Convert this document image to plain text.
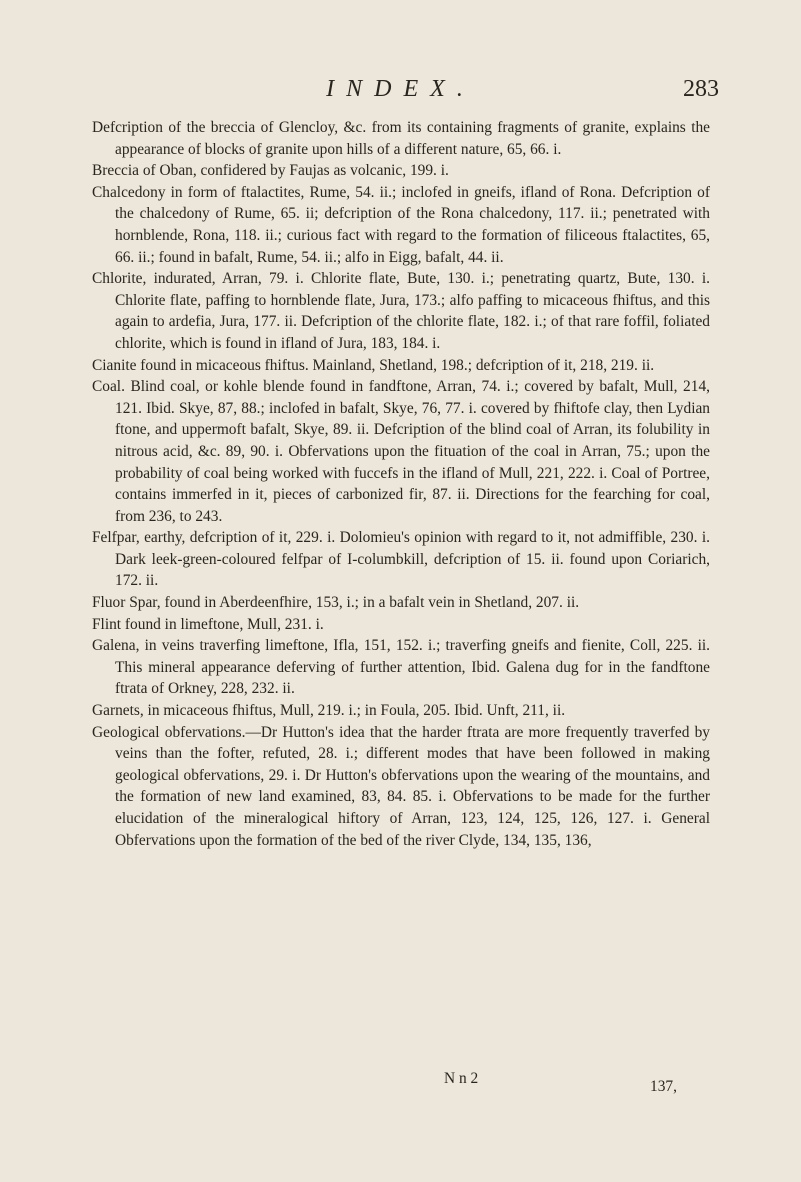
INDEX.	283

Defcription of the breccia of Glencloy, &c. from its containing fragments of granite, explains the appearance of blocks of granite upon hills of a different nature, 65, 66. i.

Breccia of Oban, confidered by Faujas as volcanic, 199. i.

Chalcedony in form of ftalactites, Rume, 54. ii.; inclofed in gneifs, ifland of Rona. Defcription of the chalcedony of Rume, 65. ii; defcription of the Rona chalcedony, 117. ii.; penetrated with hornblende, Rona, 118. ii.; curious fact with regard to the formation of filiceous ftalactites, 65, 66. ii.; found in bafalt, Rume, 54. ii.; alfo in Eigg, bafalt, 44. ii.

Chlorite, indurated, Arran, 79. i. Chlorite flate, Bute, 130. i.; penetrating quartz, Bute, 130. i. Chlorite flate, paffing to hornblende flate, Jura, 173.; alfo paffing to micaceous fhiftus, and this again to ardefia, Jura, 177. ii. Defcription of the chlorite flate, 182. i.; of that rare foffil, foliated chlorite, which is found in ifland of Jura, 183, 184. i.

Cianite found in micaceous fhiftus. Mainland, Shetland, 198.; defcription of it, 218, 219. ii.

Coal. Blind coal, or kohle blende found in fandftone, Arran, 74. i.; covered by bafalt, Mull, 214, 121. Ibid. Skye, 87, 88.; inclofed in bafalt, Skye, 76, 77. i. covered by fhiftofe clay, then Lydian ftone, and uppermoft bafalt, Skye, 89. ii. Defcription of the blind coal of Arran, its folubility in nitrous acid, &c. 89, 90. i. Obfervations upon the fituation of the coal in Arran, 75.; upon the probability of coal being worked with fuccefs in the ifland of Mull, 221, 222. i. Coal of Portree, contains immerfed in it, pieces of carbonized fir, 87. ii. Directions for the fearching for coal, from 236, to 243.

Felfpar, earthy, defcription of it, 229. i. Dolomieu's opinion with regard to it, not admiffible, 230. i. Dark leek-green-coloured felfpar of I-columbkill, defcription of 15. ii. found upon Coriarich, 172. ii.

Fluor Spar, found in Aberdeenfhire, 153, i.; in a bafalt vein in Shetland, 207. ii.

Flint found in limeftone, Mull, 231. i.

Galena, in veins traverfing limeftone, Ifla, 151, 152. i.; traverfing gneifs and fienite, Coll, 225. ii. This mineral appearance deferving of further attention, Ibid. Galena dug for in the fandftone ftrata of Orkney, 228, 232. ii.

Garnets, in micaceous fhiftus, Mull, 219. i.; in Foula, 205. Ibid. Unft, 211, ii.

Geological obfervations.—Dr Hutton's idea that the harder ftrata are more frequently traverfed by veins than the fofter, refuted, 28. i.; different modes that have been followed in making geological obfervations, 29. i. Dr Hutton's obfervations upon the wearing of the mountains, and the formation of new land examined, 83, 84. 85. i. Obfervations to be made for the further elucidation of the mineralogical hiftory of Arran, 123, 124, 125, 126, 127. i. General Obfervations upon the formation of the bed of the river Clyde, 134, 135, 136,

N n 2	137,
